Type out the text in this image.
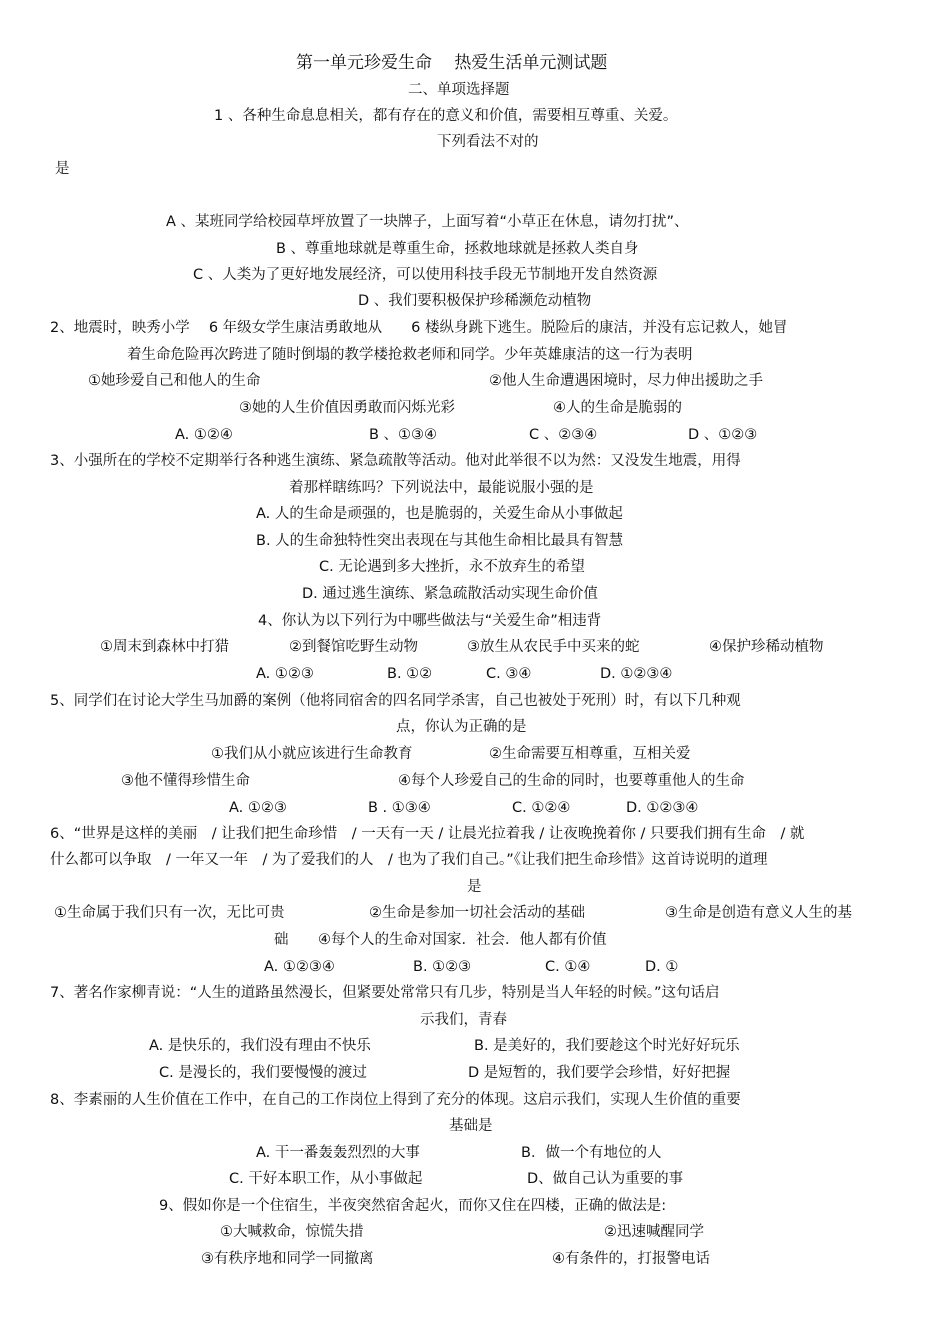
第一单元珍爱生命　 热爱生活单元测试题
二、单项选择题
1 、各种生命息息相关，都有存在的意义和价值，需要相互尊重、关爱。
下列看法不对的
是
A 、某班同学给校园草坪放置了一块牌子，上面写着“小草正在休息，请勿打扰”、
B 、尊重地球就是尊重生命，拯救地球就是拯救人类自身
C 、人类为了更好地发展经济，可以使用科技手段无节制地开发自然资源
D 、我们要积极保护珍稀濒危动植物
2、地震时，映秀小学　 6 年级女学生康洁勇敢地从　　6 楼纵身跳下逃生。脱险后的康洁，并没有忘记救人，她冒
着生命危险再次跨进了随时倒塌的教学楼抢救老师和同学。少年英雄康洁的这一行为表明
①她珍爱自己和他人的生命	②他人生命遭遇困境时，尽力伸出援助之手
③她的人生价值因勇敢而闪烁光彩	④人的生命是脆弱的
A. ①②④	B 、①③④	C 、②③④	D 、①②③
3、小强所在的学校不定期举行各种逃生演练、紧急疏散等活动。他对此举很不以为然：又没发生地震，用得
着那样瞎练吗？下列说法中，最能说服小强的是
A. 人的生命是顽强的，也是脆弱的，关爱生命从小事做起
B. 人的生命独特性突出表现在与其他生命相比最具有智慧
C. 无论遇到多大挫折，永不放弃生的希望
D. 通过逃生演练、紧急疏散活动实现生命价值
4、你认为以下列行为中哪些做法与“关爱生命”相违背
①周末到森林中打猎	②到餐馆吃野生动物	③放生从农民手中买来的蛇	④保护珍稀动植物
A. ①②③	B. ①②	C. ③④	D. ①②③④
5、同学们在讨论大学生马加爵的案例（他将同宿舍的四名同学杀害，自己也被处于死刑）时，有以下几种观
点，你认为正确的是
①我们从小就应该进行生命教育	②生命需要互相尊重，互相关爱
③他不懂得珍惜生命	④每个人珍爱自己的生命的同时，也要尊重他人的生命
A. ①②③	B . ①③④	C. ①②④	D. ①②③④
6、“世界是这样的美丽　/ 让我们把生命珍惜　/ 一天有一天 / 让晨光拉着我 / 让夜晚挽着你 / 只要我们拥有生命　/ 就
什么都可以争取　/ 一年又一年　/ 为了爱我们的人　/ 也为了我们自己。”《让我们把生命珍惜》这首诗说明的道理
是
①生命属于我们只有一次，无比可贵	②生命是参加一切社会活动的基础	③生命是创造有意义人生的基
础 ④每个人的生命对国家．社会．他人都有价值
A. ①②③④	B. ①②③	C. ①④	D. ①
7、著名作家柳青说：“人生的道路虽然漫长，但紧要处常常只有几步，特别是当人年轻的时候。”这句话启
示我们，青春
A. 是快乐的，我们没有理由不快乐	B. 是美好的，我们要趁这个时光好好玩乐
C. 是漫长的，我们要慢慢的渡过	D 是短暂的，我们要学会珍惜，好好把握
8、李素丽的人生价值在工作中，在自己的工作岗位上得到了充分的体现。这启示我们，实现人生价值的重要
基础是
A. 干一番轰轰烈烈的大事	B．做一个有地位的人
C. 干好本职工作，从小事做起	D、做自己认为重要的事
9、假如你是一个住宿生，半夜突然宿舍起火，而你又住在四楼，正确的做法是:
①大喊救命，惊慌失措	②迅速喊醒同学
③有秩序地和同学一同撤离	④有条件的，打报警电话
